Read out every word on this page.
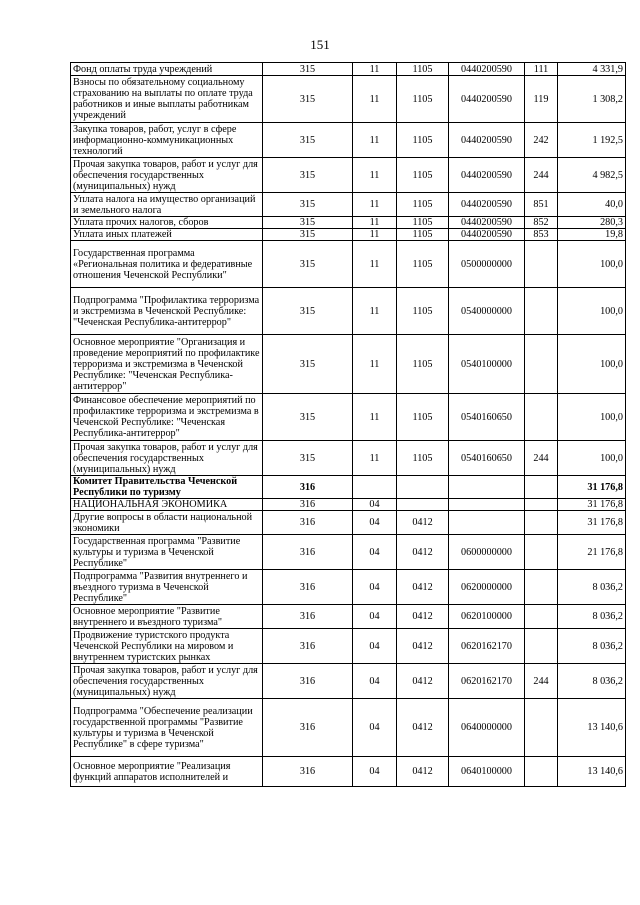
151
Фонд оплаты труда учреждений	315	11	1105	0440200590	111	4 331,9
Взносы по обязательному социальному страхованию на выплаты по оплате труда работников и иные выплаты работникам учреждений	315	11	1105	0440200590	119	1 308,2
Закупка товаров, работ, услуг в сфере информационно-коммуникационных технологий	315	11	1105	0440200590	242	1 192,5
Прочая закупка товаров, работ и услуг для обеспечения государственных (муниципальных) нужд	315	11	1105	0440200590	244	4 982,5
Уплата налога на имущество организаций и земельного налога	315	11	1105	0440200590	851	40,0
Уплата прочих налогов, сборов	315	11	1105	0440200590	852	280,3
Уплата иных платежей	315	11	1105	0440200590	853	19,8
Государственная программа «Региональная политика и федеративные отношения Чеченской Республики"	315	11	1105	0500000000		100,0
Подпрограмма "Профилактика терроризма и экстремизма в Чеченской Республике: "Чеченская Республика-антитеррор"	315	11	1105	0540000000		100,0
Основное мероприятие "Организация и проведение мероприятий по профилактике терроризма и экстремизма в Чеченской Республике: "Чеченская Республика-антитеррор"	315	11	1105	0540100000		100,0
Финансовое обеспечение мероприятий по профилактике терроризма и экстремизма в Чеченской Республике: "Чеченская Республика-антитеррор"	315	11	1105	0540160650		100,0
Прочая закупка товаров, работ и услуг для обеспечения государственных (муниципальных) нужд	315	11	1105	0540160650	244	100,0
Комитет Правительства Чеченской Республики по туризму	316					31 176,8
НАЦИОНАЛЬНАЯ ЭКОНОМИКА	316	04				31 176,8
Другие вопросы в области национальной экономики	316	04	0412			31 176,8
Государственная программа "Развитие культуры и туризма в Чеченской Республике"	316	04	0412	0600000000		21 176,8
Подпрограмма "Развития внутреннего и въездного туризма в Чеченской Республике"	316	04	0412	0620000000		8 036,2
Основное мероприятие "Развитие внутреннего и въездного туризма"	316	04	0412	0620100000		8 036,2
Продвижение туристского продукта Чеченской Республики на мировом и внутреннем туристских рынках	316	04	0412	0620162170		8 036,2
Прочая закупка товаров, работ и услуг для обеспечения государственных (муниципальных) нужд	316	04	0412	0620162170	244	8 036,2
Подпрограмма "Обеспечение реализации государственной программы "Развитие культуры и туризма в Чеченской Республике" в сфере туризма"	316	04	0412	0640000000		13 140,6
Основное мероприятие "Реализация функций аппаратов исполнителей и	316	04	0412	0640100000		13 140,6
